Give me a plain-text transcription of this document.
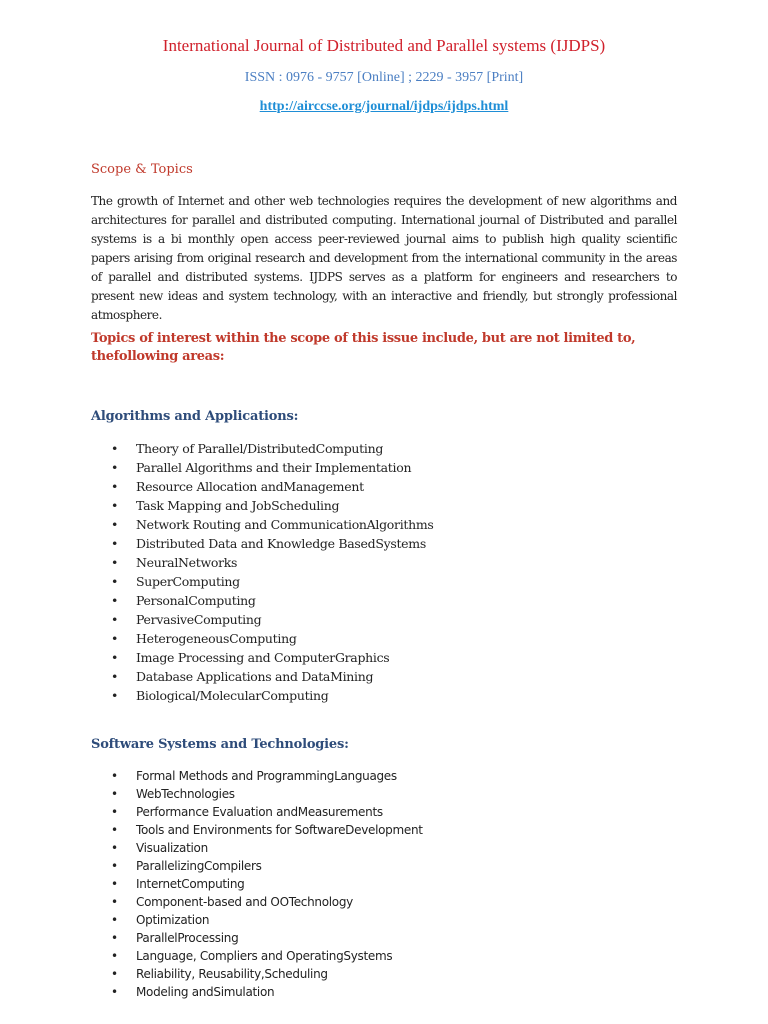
International Journal of Distributed and Parallel systems (IJDPS)
ISSN : 0976 - 9757 [Online] ; 2229 - 3957 [Print]
http://airccse.org/journal/ijdps/ijdps.html
Scope & Topics

The growth of Internet and other web technologies requires the development of new algorithms and architectures for parallel and distributed computing. International journal of Distributed and parallel systems is a bi monthly open access peer-reviewed journal aims to publish high quality scientific papers arising from original research and development from the international community in the areas of parallel and distributed systems. IJDPS serves as a platform for engineers and researchers to present new ideas and system technology, with an interactive and friendly, but strongly professional atmosphere.

Topics of interest within the scope of this issue include, but are not limited to, thefollowing areas:

Algorithms and Applications:
• Theory of Parallel/DistributedComputing
• Parallel Algorithms and their Implementation
• Resource Allocation andManagement
• Task Mapping and JobScheduling
• Network Routing and CommunicationAlgorithms
• Distributed Data and Knowledge BasedSystems
• NeuralNetworks
• SuperComputing
• PersonalComputing
• PervasiveComputing
• HeterogeneousComputing
• Image Processing and ComputerGraphics
• Database Applications and DataMining
• Biological/MolecularComputing
Software Systems and Technologies:
• Formal Methods and ProgrammingLanguages
• WebTechnologies
• Performance Evaluation andMeasurements
• Tools and Environments for SoftwareDevelopment
• Visualization
• ParallelizingCompilers
• InternetComputing
• Component-based and OOTechnology
• Optimization
• ParallelProcessing
• Language, Compliers and OperatingSystems
• Reliability, Reusability,Scheduling
• Modeling andSimulation
